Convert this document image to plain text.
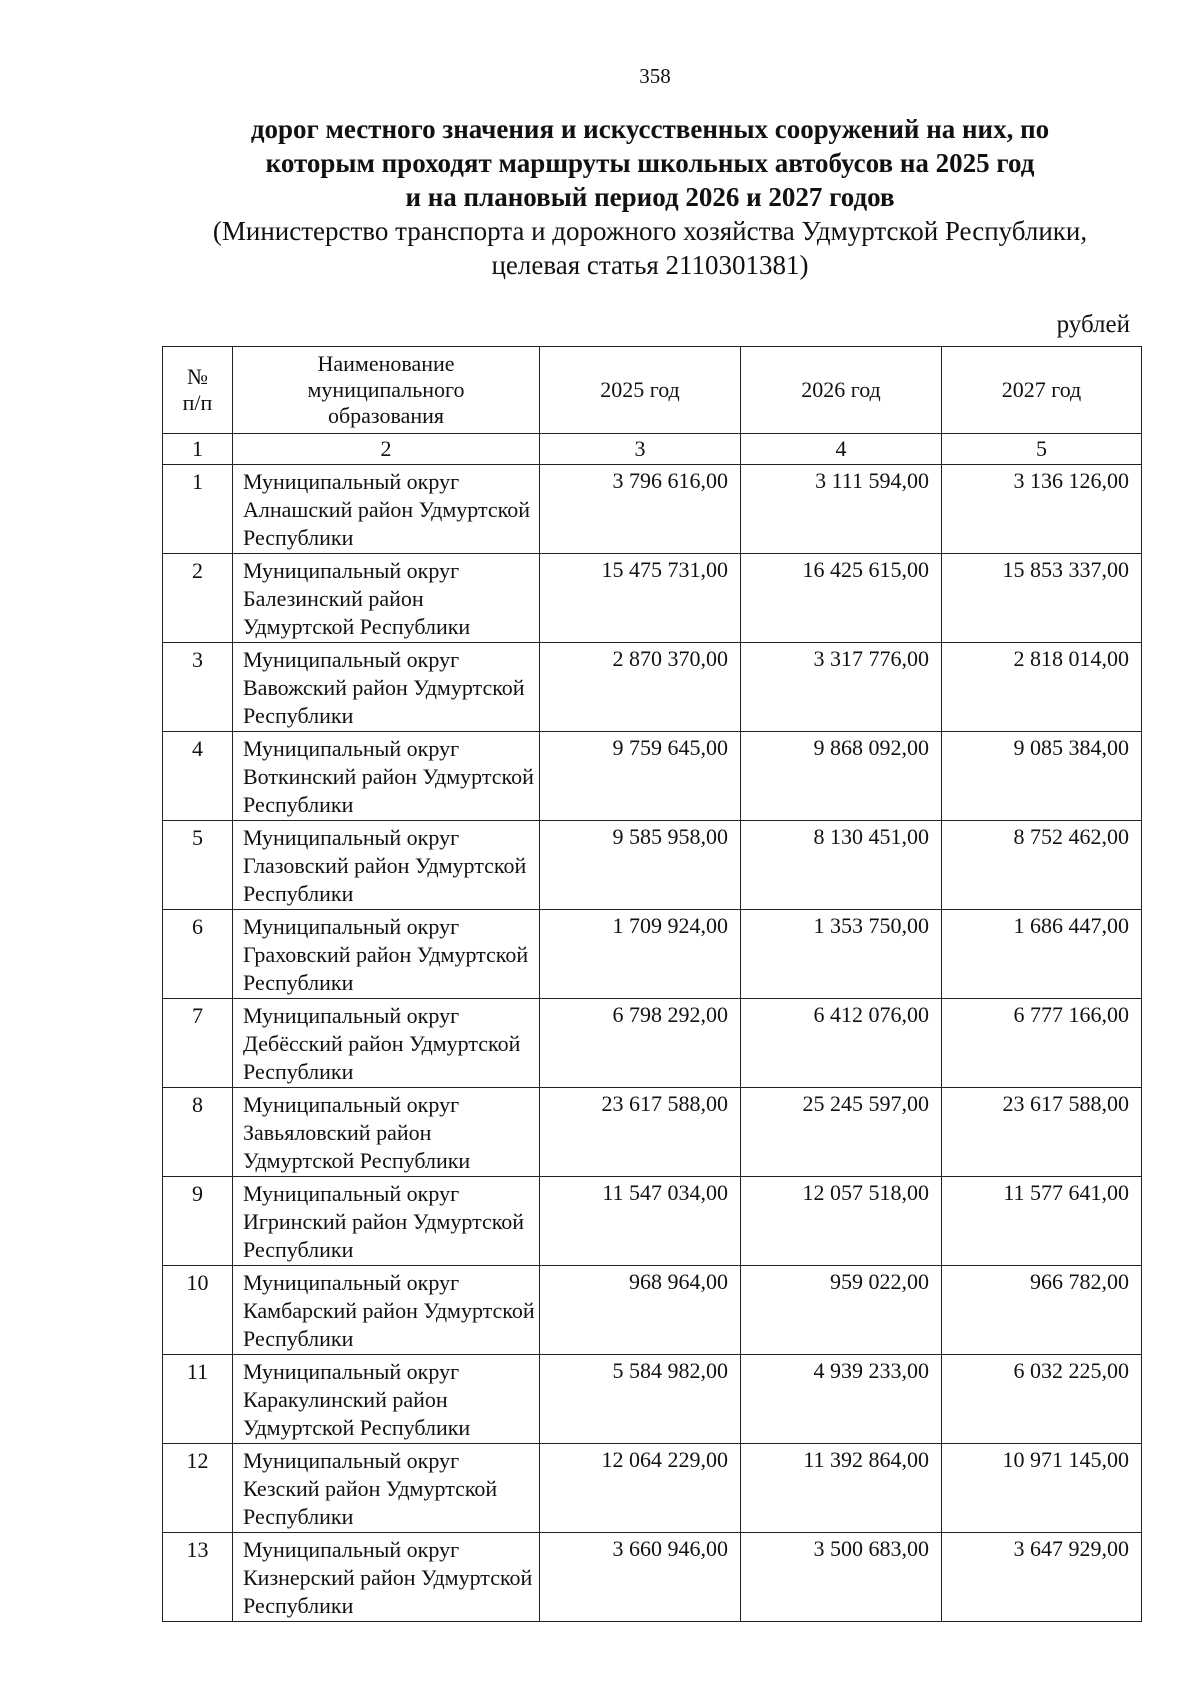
358
дорог местного значения и искусственных сооружений на них, по
которым проходят маршруты школьных автобусов на 2025 год
и на плановый период 2026 и 2027 годов
(Министерство транспорта и дорожного хозяйства Удмуртской Республики,
целевая статья 2110301381)
рублей
№ п/п	Наименование муниципального образования	2025 год	2026 год	2027 год
1	2	3	4	5
1	Муниципальный округ Алнашский район Удмуртской Республики	3 796 616,00	3 111 594,00	3 136 126,00
2	Муниципальный округ Балезинский район Удмуртской Республики	15 475 731,00	16 425 615,00	15 853 337,00
3	Муниципальный округ Вавожский район Удмуртской Республики	2 870 370,00	3 317 776,00	2 818 014,00
4	Муниципальный округ Воткинский район Удмуртской Республики	9 759 645,00	9 868 092,00	9 085 384,00
5	Муниципальный округ Глазовский район Удмуртской Республики	9 585 958,00	8 130 451,00	8 752 462,00
6	Муниципальный округ Граховский район Удмуртской Республики	1 709 924,00	1 353 750,00	1 686 447,00
7	Муниципальный округ Дебёсский район Удмуртской Республики	6 798 292,00	6 412 076,00	6 777 166,00
8	Муниципальный округ Завьяловский район Удмуртской Республики	23 617 588,00	25 245 597,00	23 617 588,00
9	Муниципальный округ Игринский район Удмуртской Республики	11 547 034,00	12 057 518,00	11 577 641,00
10	Муниципальный округ Камбарский район Удмуртской Республики	968 964,00	959 022,00	966 782,00
11	Муниципальный округ Каракулинский район Удмуртской Республики	5 584 982,00	4 939 233,00	6 032 225,00
12	Муниципальный округ Кезский район Удмуртской Республики	12 064 229,00	11 392 864,00	10 971 145,00
13	Муниципальный округ Кизнерский район Удмуртской Республики	3 660 946,00	3 500 683,00	3 647 929,00
